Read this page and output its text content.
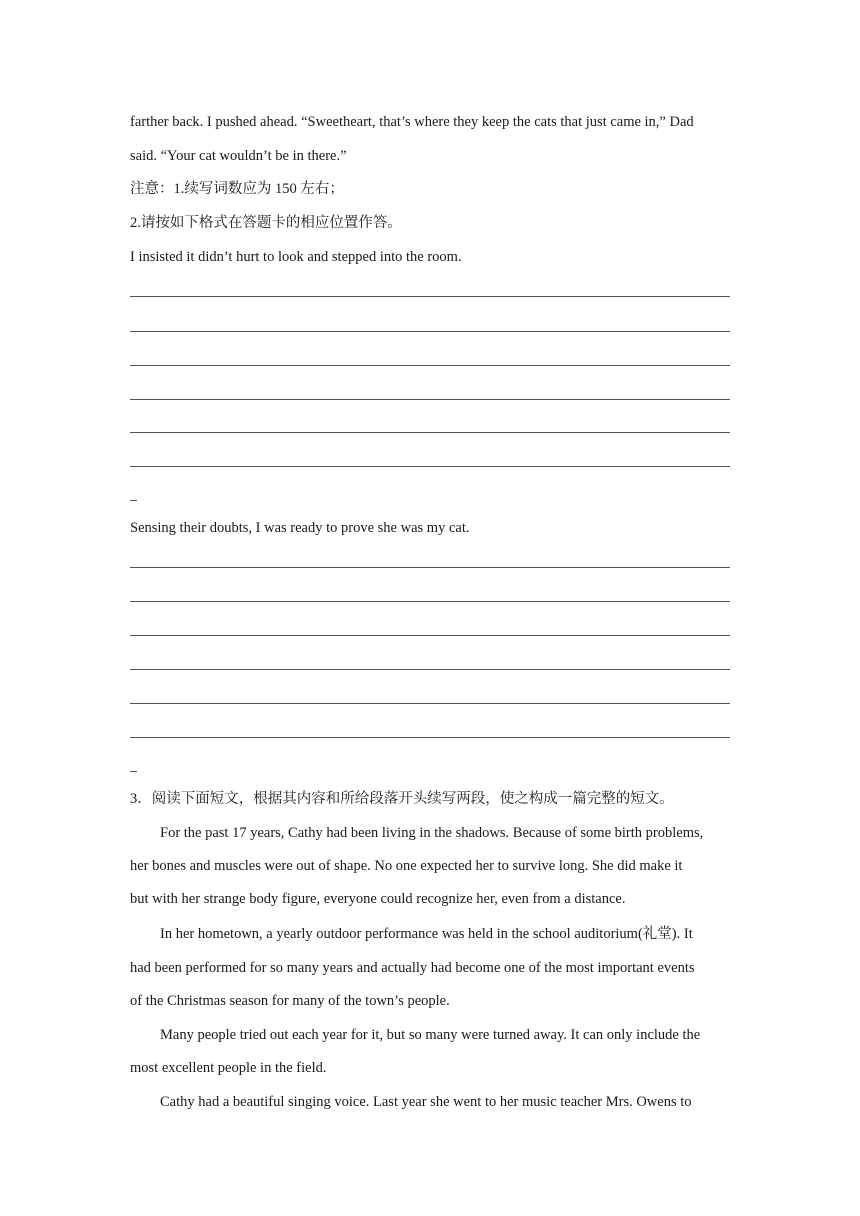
farther back. I pushed ahead. “Sweetheart, that’s where they keep the cats that just came in,” Dad
said. “Your cat wouldn’t be in there.”
注意：1.续写词数应为 150 左右；
2.请按如下格式在答题卡的相应位置作答。
I insisted it didn’t hurt to look and stepped into the room.
Sensing their doubts, I was ready to prove she was my cat.
3．阅读下面短文，根据其内容和所给段落开头续写两段，使之构成一篇完整的短文。
For the past 17 years, Cathy had been living in the shadows. Because of some birth problems,
her bones and muscles were out of shape. No one expected her to survive long. She did make it
but with her strange body figure, everyone could recognize her, even from a distance.
In her hometown, a yearly outdoor performance was held in the school auditorium(礼堂). It
had been performed for so many years and actually had become one of the most important events
of the Christmas season for many of the town’s people.
Many people tried out each year for it, but so many were turned away. It can only include the
most excellent people in the field.
Cathy had a beautiful singing voice. Last year she went to her music teacher Mrs. Owens to
